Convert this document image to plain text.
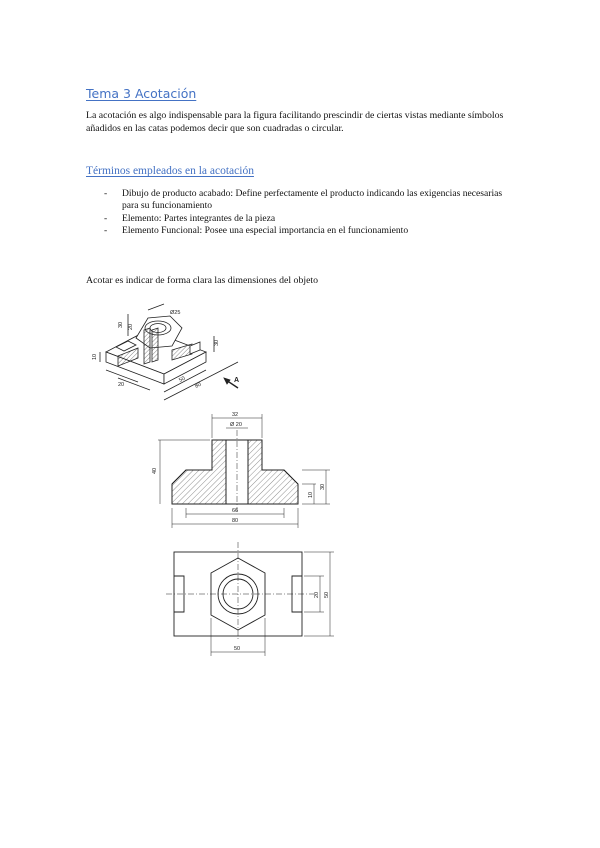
Tema 3 Acotación

La acotación es algo indispensable para la figura facilitando prescindir de ciertas vistas mediante símbolos añadidos en las catas podemos decir que son cuadradas o circular.

Términos empleados en la acotación
- Dibujo de producto acabado: Define perfectamente el producto indicando las exigencias necesarias para su funcionamiento
- Elemento: Partes integrantes de la pieza
- Elemento Funcional: Posee una especial importancia en el funcionamiento

Acotar es indicar de forma clara las dimensiones del objeto

30 20
Ø25
30
10
20
50
80
A
32
Ø 20
40
10
30
66
80
20 50
50
